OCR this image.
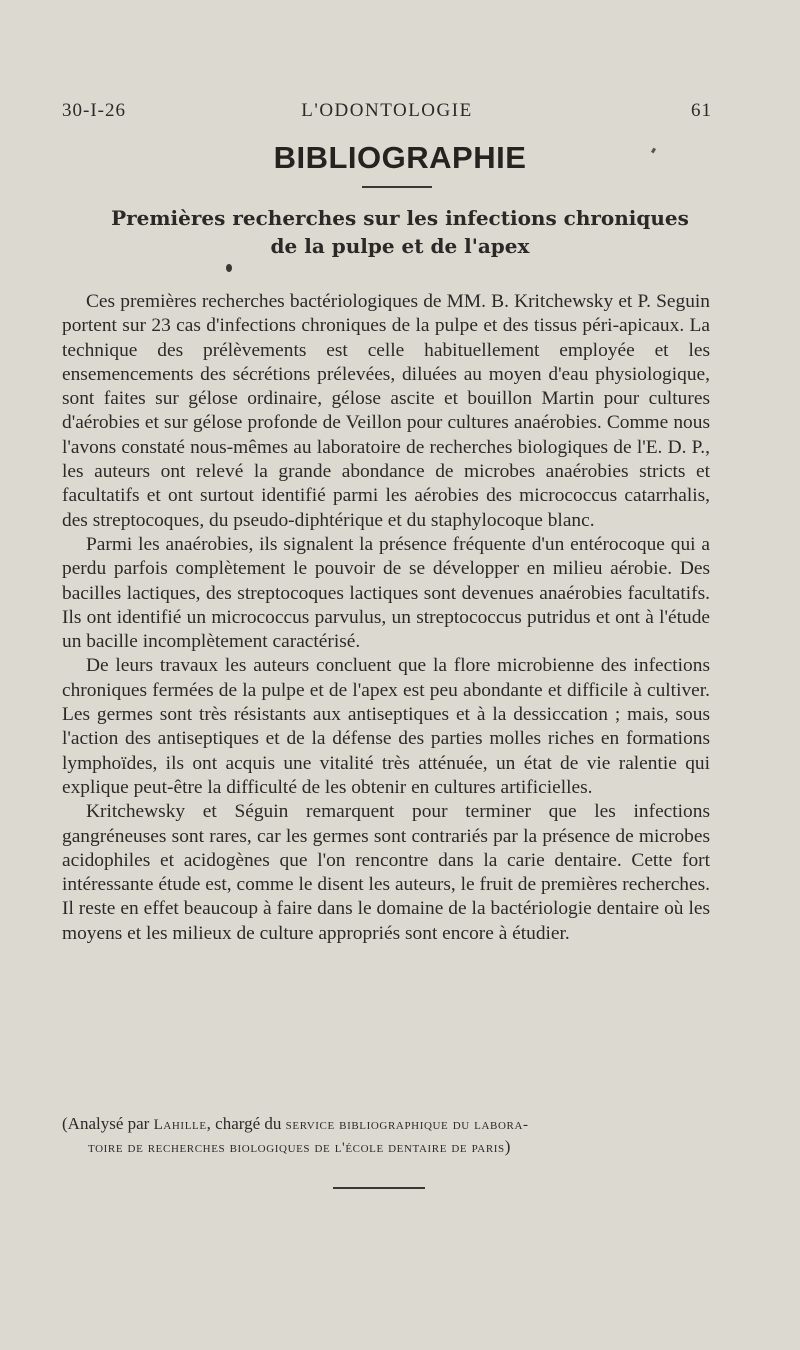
30-I-26	L'ODONTOLOGIE	61
BIBLIOGRAPHIE
Premières recherches sur les infections chroniques
de la pulpe et de l'apex

Ces premières recherches bactériologiques de MM. B. Kritchewsky et P. Seguin portent sur 23 cas d'infections chroniques de la pulpe et des tissus péri-apicaux. La technique des prélèvements est celle habituellement employée et les ensemencements des sécrétions prélevées, diluées au moyen d'eau physiologique, sont faites sur gélose ordinaire, gélose ascite et bouillon Martin pour cultures d'aérobies et sur gélose profonde de Veillon pour cultures anaérobies. Comme nous l'avons constaté nous-mêmes au laboratoire de recherches biologiques de l'E. D. P., les auteurs ont relevé la grande abondance de microbes anaérobies stricts et facultatifs et ont surtout identifié parmi les aérobies des micrococcus catarrhalis, des streptocoques, du pseudo-diphtérique et du staphylocoque blanc.

Parmi les anaérobies, ils signalent la présence fréquente d'un entérocoque qui a perdu parfois complètement le pouvoir de se développer en milieu aérobie. Des bacilles lactiques, des streptocoques lactiques sont devenues anaérobies facultatifs. Ils ont identifié un micrococcus parvulus, un streptococcus putridus et ont à l'étude un bacille incomplètement caractérisé.

De leurs travaux les auteurs concluent que la flore microbienne des infections chroniques fermées de la pulpe et de l'apex est peu abondante et difficile à cultiver. Les germes sont très résistants aux antiseptiques et à la dessiccation ; mais, sous l'action des antiseptiques et de la défense des parties molles riches en formations lymphoïdes, ils ont acquis une vitalité très atténuée, un état de vie ralentie qui explique peut-être la difficulté de les obtenir en cultures artificielles.

Kritchewsky et Séguin remarquent pour terminer que les infections gangréneuses sont rares, car les germes sont contrariés par la présence de microbes acidophiles et acidogènes que l'on rencontre dans la carie dentaire. Cette fort intéressante étude est, comme le disent les auteurs, le fruit de premières recherches. Il reste en effet beaucoup à faire dans le domaine de la bactériologie dentaire où les moyens et les milieux de culture appropriés sont encore à étudier.

(Analysé par Lahille, chargé du service bibliographique du labora-
toire de recherches biologiques de l'école dentaire de paris)
